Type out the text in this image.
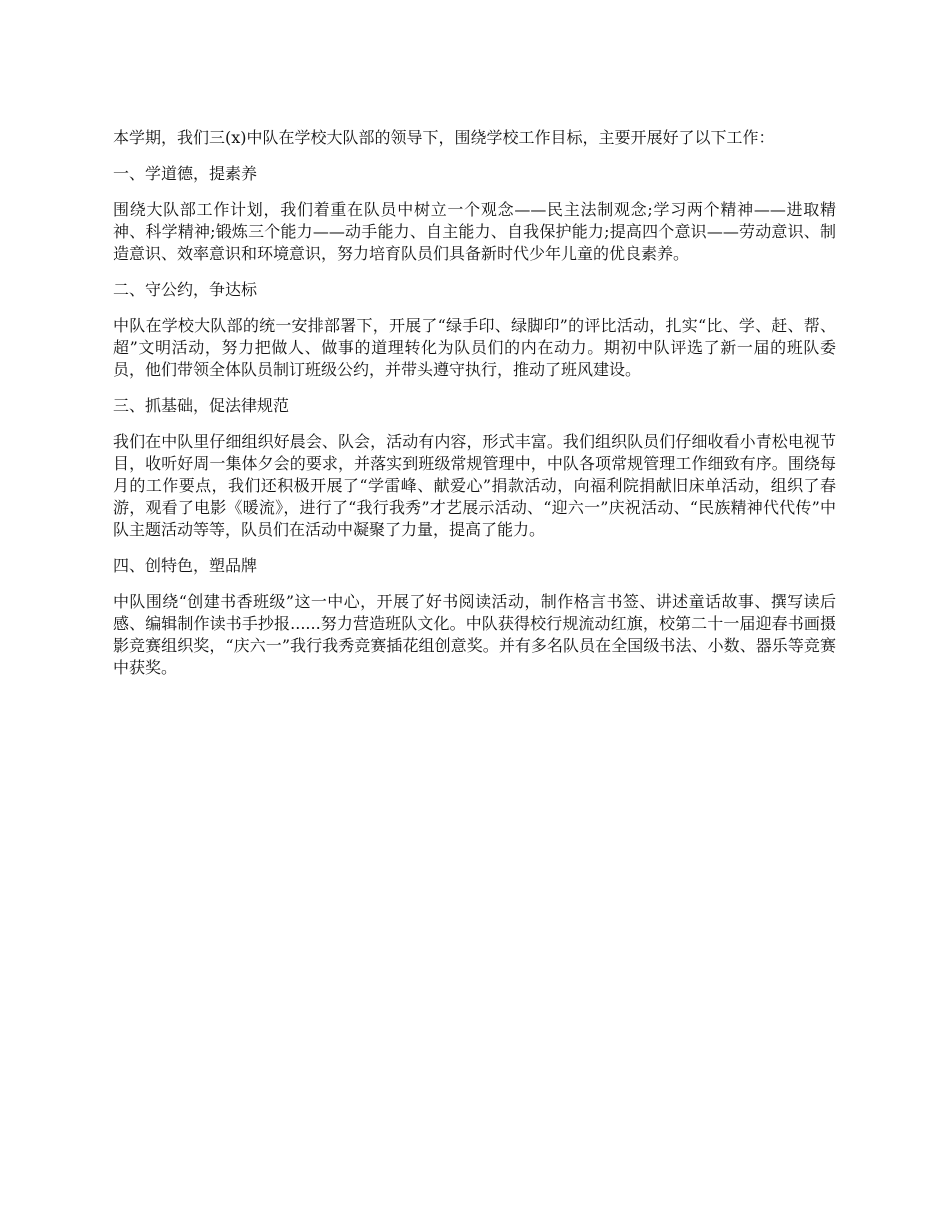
本学期，我们三(x)中队在学校大队部的领导下，围绕学校工作目标，主要开展好了以下工作：

一、学道德，提素养

围绕大队部工作计划，我们着重在队员中树立一个观念——民主法制观念;学习两个精神——进取精神、科学精神;锻炼三个能力——动手能力、自主能力、自我保护能力;提高四个意识——劳动意识、制造意识、效率意识和环境意识，努力培育队员们具备新时代少年儿童的优良素养。

二、守公约，争达标

中队在学校大队部的统一安排部署下，开展了“绿手印、绿脚印”的评比活动，扎实“比、学、赶、帮、超”文明活动，努力把做人、做事的道理转化为队员们的内在动力。期初中队评选了新一届的班队委员，他们带领全体队员制订班级公约，并带头遵守执行，推动了班风建设。

三、抓基础，促法律规范

我们在中队里仔细组织好晨会、队会，活动有内容，形式丰富。我们组织队员们仔细收看小青松电视节目，收听好周一集体夕会的要求，并落实到班级常规管理中，中队各项常规管理工作细致有序。围绕每月的工作要点，我们还积极开展了“学雷峰、献爱心”捐款活动，向福利院捐献旧床单活动，组织了春游，观看了电影《暖流》，进行了“我行我秀”才艺展示活动、“迎六一”庆祝活动、“民族精神代代传”中队主题活动等等，队员们在活动中凝聚了力量，提高了能力。

四、创特色，塑品牌

中队围绕“创建书香班级”这一中心，开展了好书阅读活动，制作格言书签、讲述童话故事、撰写读后感、编辑制作读书手抄报......努力营造班队文化。中队获得校行规流动红旗，校第二十一届迎春书画摄影竞赛组织奖，“庆六一”我行我秀竞赛插花组创意奖。并有多名队员在全国级书法、小数、器乐等竞赛中获奖。
